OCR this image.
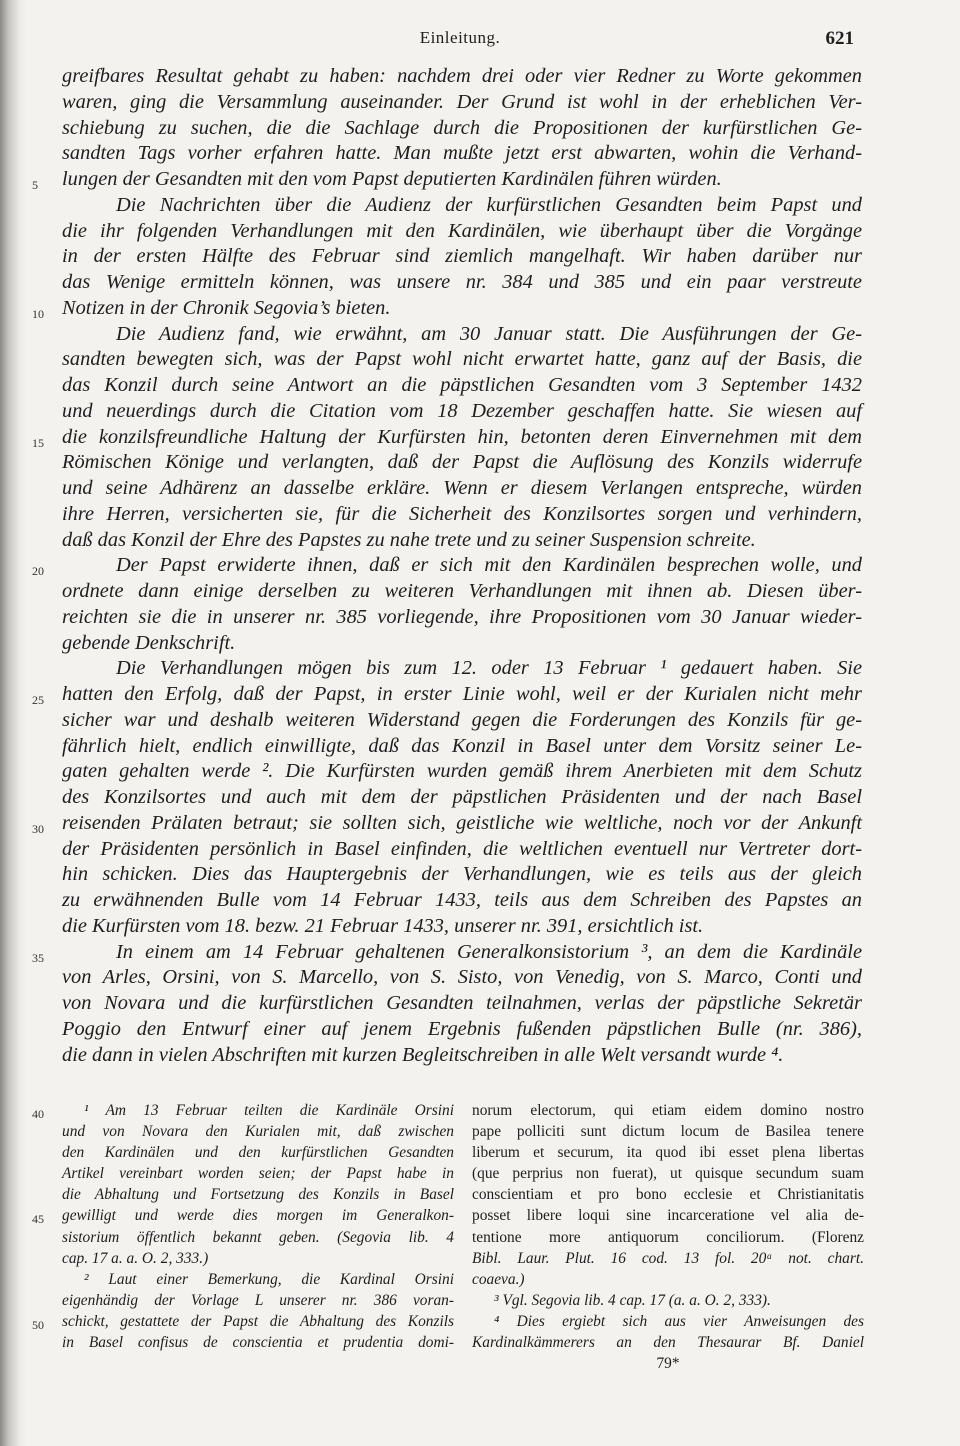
Einleitung.	621
greifbares Resultat gehabt zu haben: nachdem drei oder vier Redner zu Worte gekommen
waren, ging die Versammlung auseinander. Der Grund ist wohl in der erheblichen Ver-
schiebung zu suchen, die die Sachlage durch die Propositionen der kurfürstlichen Ge-
sandten Tags vorher erfahren hatte. Man mußte jetzt erst abwarten, wohin die Verhand-
5 lungen der Gesandten mit den vom Papst deputierten Kardinälen führen würden.
Die Nachrichten über die Audienz der kurfürstlichen Gesandten beim Papst und
die ihr folgenden Verhandlungen mit den Kardinälen, wie überhaupt über die Vorgänge
in der ersten Hälfte des Februar sind ziemlich mangelhaft. Wir haben darüber nur
das Wenige ermitteln können, was unsere nr. 384 und 385 und ein paar verstreute
10 Notizen in der Chronik Segovia’s bieten.
Die Audienz fand, wie erwähnt, am 30 Januar statt. Die Ausführungen der Ge-
sandten bewegten sich, was der Papst wohl nicht erwartet hatte, ganz auf der Basis, die
das Konzil durch seine Antwort an die päpstlichen Gesandten vom 3 September 1432
und neuerdings durch die Citation vom 18 Dezember geschaffen hatte. Sie wiesen auf
15 die konzilsfreundliche Haltung der Kurfürsten hin, betonten deren Einvernehmen mit dem
Römischen Könige und verlangten, daß der Papst die Auflösung des Konzils widerrufe
und seine Adhärenz an dasselbe erkläre. Wenn er diesem Verlangen entspreche, würden
ihre Herren, versicherten sie, für die Sicherheit des Konzilsortes sorgen und verhindern,
daß das Konzil der Ehre des Papstes zu nahe trete und zu seiner Suspension schreite.
20	Der Papst erwiderte ihnen, daß er sich mit den Kardinälen besprechen wolle, und
ordnete dann einige derselben zu weiteren Verhandlungen mit ihnen ab. Diesen über-
reichten sie die in unserer nr. 385 vorliegende, ihre Propositionen vom 30 Januar wieder-
gebende Denkschrift.
Die Verhandlungen mögen bis zum 12. oder 13 Februar ¹ gedauert haben. Sie
25 hatten den Erfolg, daß der Papst, in erster Linie wohl, weil er der Kurialen nicht mehr
sicher war und deshalb weiteren Widerstand gegen die Forderungen des Konzils für ge-
fährlich hielt, endlich einwilligte, daß das Konzil in Basel unter dem Vorsitz seiner Le-
gaten gehalten werde ². Die Kurfürsten wurden gemäß ihrem Anerbieten mit dem Schutz
des Konzilsortes und auch mit dem der päpstlichen Präsidenten und der nach Basel
30 reisenden Prälaten betraut; sie sollten sich, geistliche wie weltliche, noch vor der Ankunft
der Präsidenten persönlich in Basel einfinden, die weltlichen eventuell nur Vertreter dort-
hin schicken. Dies das Hauptergebnis der Verhandlungen, wie es teils aus der gleich
zu erwähnenden Bulle vom 14 Februar 1433, teils aus dem Schreiben des Papstes an
die Kurfürsten vom 18. bezw. 21 Februar 1433, unserer nr. 391, ersichtlich ist.
35	In einem am 14 Februar gehaltenen Generalkonsistorium ³, an dem die Kardinäle
von Arles, Orsini, von S. Marcello, von S. Sisto, von Venedig, von S. Marco, Conti und
von Novara und die kurfürstlichen Gesandten teilnahmen, verlas der päpstliche Sekretär
Poggio den Entwurf einer auf jenem Ergebnis fußenden päpstlichen Bulle (nr. 386),
die dann in vielen Abschriften mit kurzen Begleitschreiben in alle Welt versandt wurde ⁴.
40	¹ Am 13 Februar teilten die Kardinäle Orsini
und von Novara den Kurialen mit, daß zwischen
den Kardinälen und den kurfürstlichen Gesandten
Artikel vereinbart worden seien; der Papst habe in
die Abhaltung und Fortsetzung des Konzils in Basel
45 gewilligt und werde dies morgen im Generalkon-
sistorium öffentlich bekannt geben. (Segovia lib. 4
cap. 17 a. a. O. 2, 333.)
² Laut einer Bemerkung, die Kardinal Orsini
eigenhändig der Vorlage L unserer nr. 386 voran-
50 schickt, gestattete der Papst die Abhaltung des Konzils
in Basel confisus de conscientia et prudentia domi-
norum electorum, qui etiam eidem domino nostro
pape polliciti sunt dictum locum de Basilea tenere
liberum et securum, ita quod ibi esset plena libertas
(que perprius non fuerat), ut quisque secundum suam
conscientiam et pro bono ecclesie et Christianitatis
posset libere loqui sine incarceratione vel alia de-
tentione more antiquorum conciliorum. (Florenz
Bibl. Laur. Plut. 16 cod. 13 fol. 20ᵃ not. chart.
coaeva.)
³ Vgl. Segovia lib. 4 cap. 17 (a. a. O. 2, 333).
⁴ Dies ergiebt sich aus vier Anweisungen des
Kardinalkämmerers an den Thesaurar Bf. Daniel
79*
